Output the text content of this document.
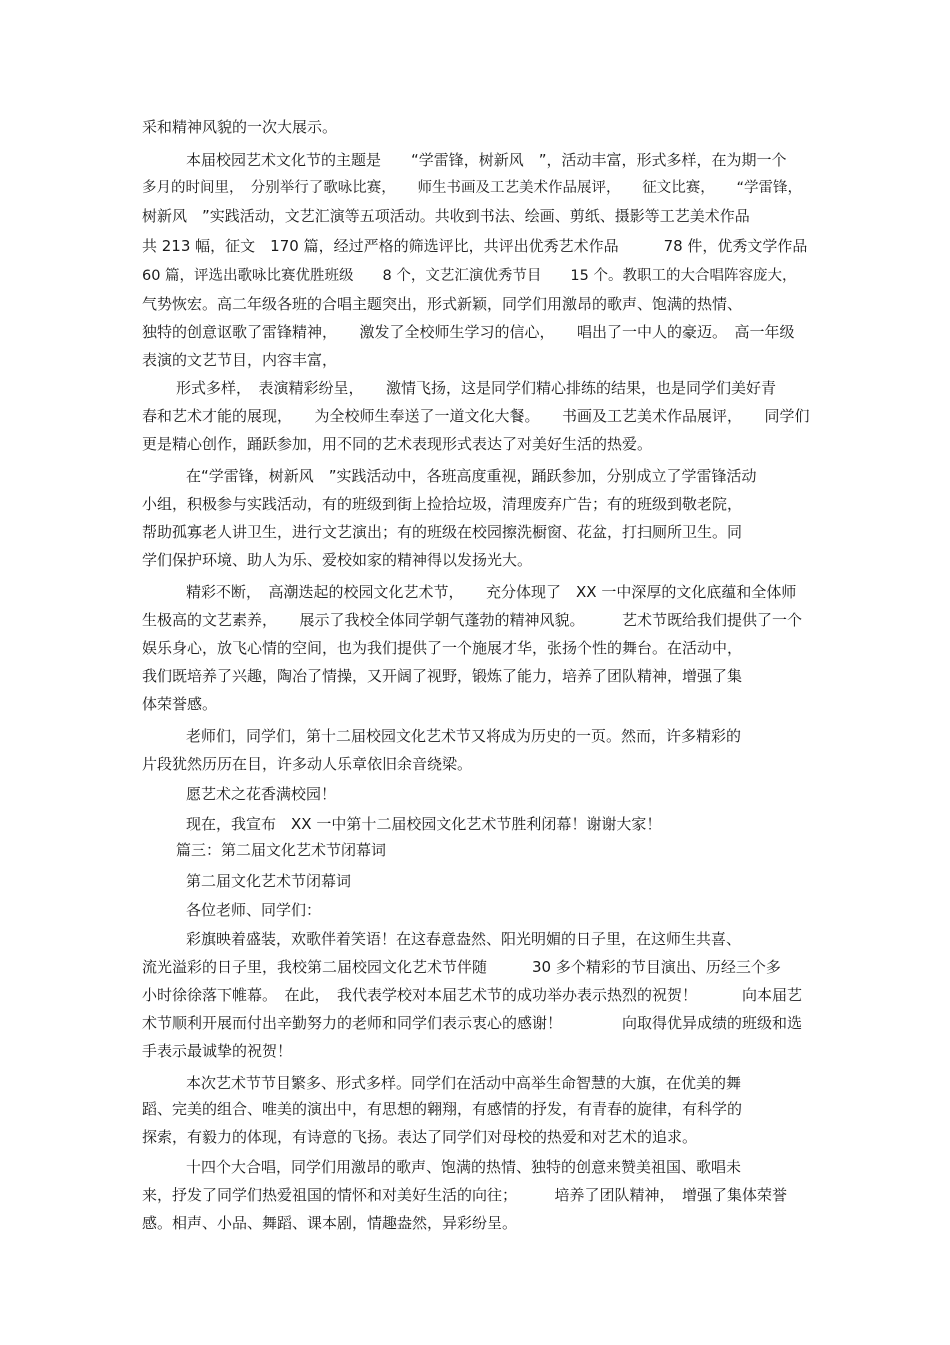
采和精神风貌的一次大展示。

本届校园艺术文化节的主题是　　“学雷锋，树新风　”，活动丰富，形式多样，在为期一个

多月的时间里，　分别举行了歌咏比赛，　　师生书画及工艺美术作品展评，　　征文比赛，　　“学雷锋，

树新风　”实践活动，文艺汇演等五项活动。共收到书法、绘画、剪纸、摄影等工艺美术作品

共 213 幅，征文　170 篇，经过严格的筛选评比，共评出优秀艺术作品　　　78 件，优秀文学作品

60 篇，评选出歌咏比赛优胜班级　　8 个，文艺汇演优秀节目　　15 个。教职工的大合唱阵容庞大，

气势恢宏。高二年级各班的合唱主题突出，形式新颖，同学们用激昂的歌声、饱满的热情、

独特的创意讴歌了雷锋精神，　　激发了全校师生学习的信心，　　唱出了一中人的豪迈。　高一年级

表演的文艺节目，内容丰富，

形式多样，　表演精彩纷呈，　　激情飞扬，这是同学们精心排练的结果，也是同学们美好青

春和艺术才能的展现，　　为全校师生奉送了一道文化大餐。　　书画及工艺美术作品展评，　　同学们

更是精心创作，踊跃参加，用不同的艺术表现形式表达了对美好生活的热爱。

在“学雷锋，树新风　”实践活动中，各班高度重视，踊跃参加，分别成立了学雷锋活动

小组，积极参与实践活动，有的班级到街上捡拾垃圾，清理废弃广告；有的班级到敬老院，

帮助孤寡老人讲卫生，进行文艺演出；有的班级在校园擦洗橱窗、花盆，打扫厕所卫生。同

学们保护环境、助人为乐、爱校如家的精神得以发扬光大。

精彩不断，　高潮迭起的校园文化艺术节，　　充分体现了　XX 一中深厚的文化底蕴和全体师

生极高的文艺素养，　　展示了我校全体同学朝气蓬勃的精神风貌。　　　艺术节既给我们提供了一个

娱乐身心，放飞心情的空间，也为我们提供了一个施展才华，张扬个性的舞台。在活动中，

我们既培养了兴趣，陶冶了情操，又开阔了视野，锻炼了能力，培养了团队精神，增强了集

体荣誉感。

老师们，同学们，第十二届校园文化艺术节又将成为历史的一页。然而，许多精彩的

片段犹然历历在目，许多动人乐章依旧余音绕梁。

愿艺术之花香满校园！

现在，我宣布　XX 一中第十二届校园文化艺术节胜利闭幕！谢谢大家！

篇三：第二届文化艺术节闭幕词

第二届文化艺术节闭幕词

各位老师、同学们：

彩旗映着盛装，欢歌伴着笑语！在这春意盎然、阳光明媚的日子里，在这师生共喜、

流光溢彩的日子里，我校第二届校园文化艺术节伴随　　　30 多个精彩的节目演出、历经三个多

小时徐徐落下帷幕。　在此，　我代表学校对本届艺术节的成功举办表示热烈的祝贺！　　　向本届艺

术节顺利开展而付出辛勤努力的老师和同学们表示衷心的感谢！　　　　向取得优异成绩的班级和选

手表示最诚挚的祝贺！

本次艺术节节目繁多、形式多样。同学们在活动中高举生命智慧的大旗，在优美的舞

蹈、完美的组合、唯美的演出中，有思想的翱翔，有感情的抒发，有青春的旋律，有科学的

探索，有毅力的体现，有诗意的飞扬。表达了同学们对母校的热爱和对艺术的追求。

十四个大合唱，同学们用激昂的歌声、饱满的热情、独特的创意来赞美祖国、歌唱未

来，抒发了同学们热爱祖国的情怀和对美好生活的向往；　　　培养了团队精神，　增强了集体荣誉

感。相声、小品、舞蹈、课本剧，情趣盎然，异彩纷呈。
